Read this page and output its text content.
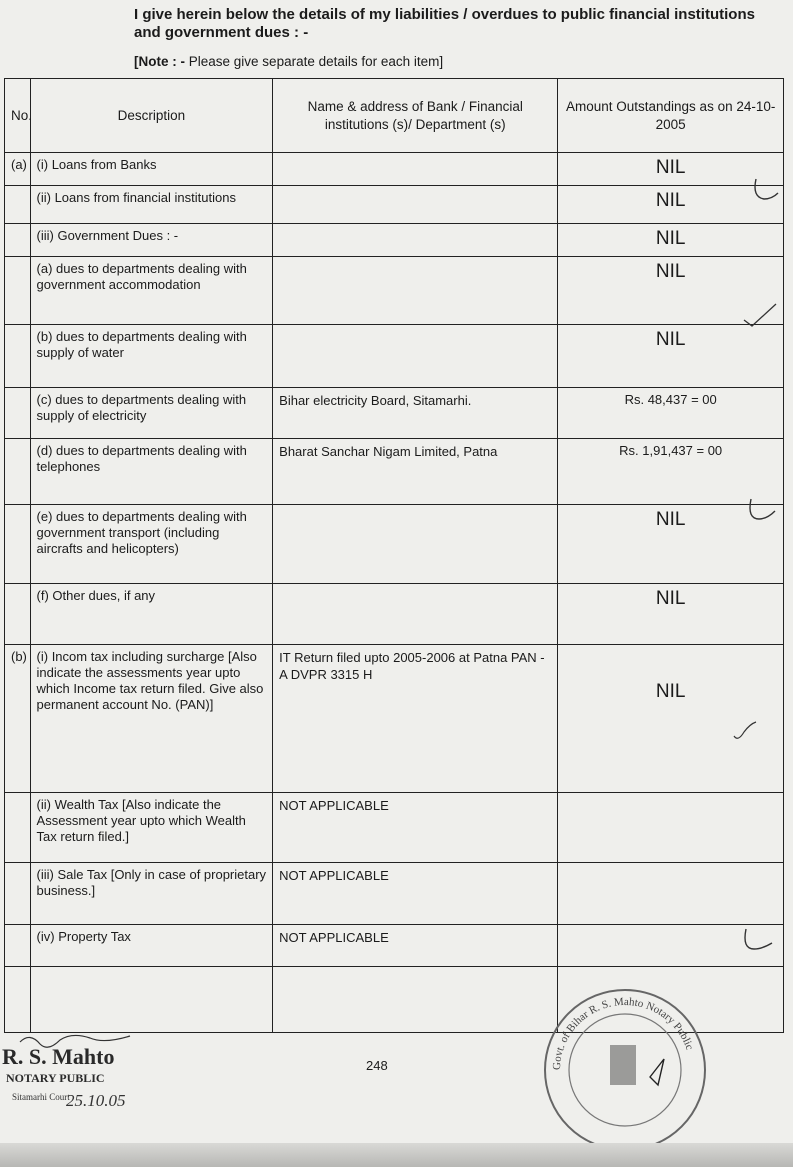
I give herein below the details of my liabilities / overdues to public financial institutions
and government dues : -
[Note : - Please give separate details for each item]
No.	Description	Name & address of Bank / Financial institutions (s)/ Department (s)	Amount Outstandings as on 24-10-2005
(a)	(i) Loans from Banks		NIL
	(ii) Loans from financial institutions		NIL
	(iii) Government Dues : -		NIL
	(a) dues to departments dealing with government accommodation		NIL
	(b) dues to departments dealing with supply of water		NIL
	(c) dues to departments dealing with supply of electricity	Bihar electricity Board, Sitamarhi.	Rs. 48,437 = 00
	(d) dues to departments dealing with telephones	Bharat Sanchar Nigam Limited, Patna	Rs. 1,91,437 = 00
	(e) dues to departments dealing with government transport (including aircrafts and helicopters)		NIL
	(f) Other dues, if any		NIL
(b)	(i) Incom tax including surcharge [Also indicate the assessments year upto which Income tax return filed. Give also permanent account No. (PAN)]	IT Return filed upto 2005-2006 at Patna PAN - A DVPR 3315 H	NIL
	(ii) Wealth Tax [Also indicate the Assessment year upto which Wealth Tax return filed.]	NOT APPLICABLE	
	(iii) Sale Tax [Only in case of proprietary business.]	NOT APPLICABLE	
	(iv) Property Tax	NOT APPLICABLE	

248
R. S. Mahto
NOTARY PUBLIC
Sitamarhi Court
25.10.05
Govt. of Bihar R. S. Mahto Notary Public
